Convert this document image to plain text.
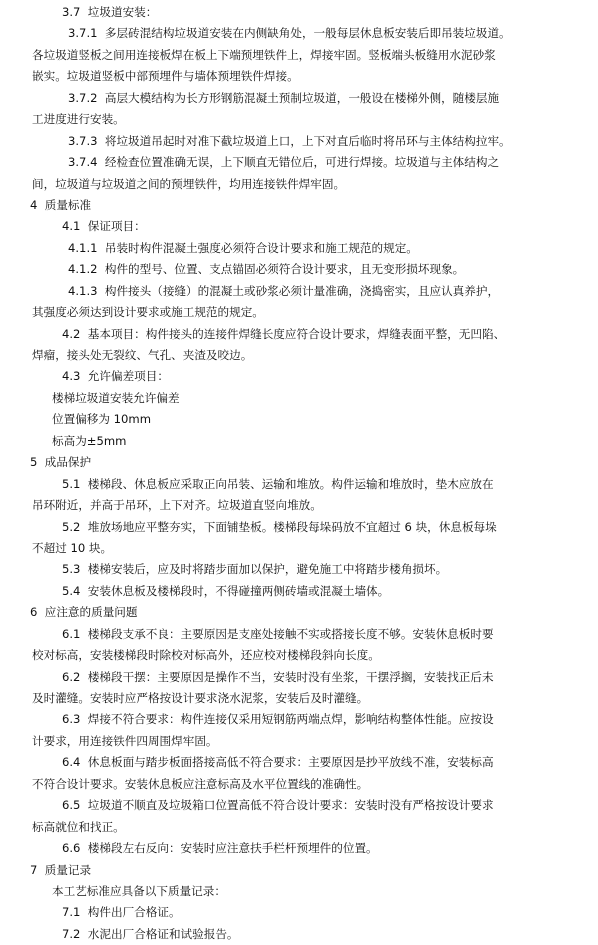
3.7  垃圾道安装：

3.7.1  多层砖混结构垃圾道安装在内侧缺角处，一般每层休息板安装后即吊装垃圾道。

各垃圾道竖板之间用连接板焊在板上下端预埋铁件上，焊接牢固。竖板端头板缝用水泥砂浆

嵌实。垃圾道竖板中部预埋件与墙体预埋铁件焊接。

3.7.2  高层大模结构为长方形钢筋混凝土预制垃圾道，一般设在楼梯外侧，随楼层施

工进度进行安装。

3.7.3  将垃圾道吊起时对准下截垃圾道上口，上下对直后临时将吊环与主体结构拉牢。

3.7.4  经检查位置准确无误，上下顺直无错位后，可进行焊接。垃圾道与主体结构之

间，垃圾道与垃圾道之间的预埋铁件，均用连接铁件焊牢固。

4  质量标准

4.1  保证项目：

4.1.1  吊装时构件混凝土强度必须符合设计要求和施工规范的规定。

4.1.2  构件的型号、位置、支点锚固必须符合设计要求，且无变形损坏现象。

4.1.3  构件接头（接缝）的混凝土或砂浆必须计量准确，浇捣密实，且应认真养护，

其强度必须达到设计要求或施工规范的规定。

4.2  基本项目：构件接头的连接件焊缝长度应符合设计要求，焊缝表面平整，无凹陷、

焊瘤，接头处无裂纹、气孔、夹渣及咬边。

4.3  允许偏差项目：

楼梯垃圾道安装允许偏差

位置偏移为 10mm

标高为±5mm

5  成品保护

5.1  楼梯段、休息板应采取正向吊装、运输和堆放。构件运输和堆放时，垫木应放在

吊环附近，并高于吊环，上下对齐。垃圾道直竖向堆放。

5.2  堆放场地应平整夯实，下面铺垫板。楼梯段每垛码放不宜超过 6 块，休息板每垛

不超过 10 块。

5.3  楼梯安装后，应及时将踏步面加以保护，避免施工中将踏步楼角损坏。

5.4  安装休息板及楼梯段时，不得碰撞两侧砖墙或混凝土墙体。

6  应注意的质量问题

6.1  楼梯段支承不良：主要原因是支座处接触不实或搭接长度不够。安装休息板时要

校对标高，安装楼梯段时除校对标高外，还应校对楼梯段斜向长度。

6.2  楼梯段干摆：主要原因是操作不当，安装时没有坐浆，干摆浮搁，安装找正后未

及时灌缝。安装时应严格按设计要求浇水泥浆，安装后及时灌缝。

6.3  焊接不符合要求：构件连接仅采用短钢筋两端点焊，影响结构整体性能。应按设

计要求，用连接铁件四周围焊牢固。

6.4  休息板面与踏步板面搭接高低不符合要求：主要原因是抄平放线不准，安装标高

不符合设计要求。安装休息板应注意标高及水平位置线的准确性。

6.5  垃圾道不顺直及垃圾箱口位置高低不符合设计要求：安装时没有严格按设计要求

标高就位和找正。

6.6  楼梯段左右反向：安装时应注意扶手栏杆预埋件的位置。

7  质量记录

本工艺标准应具备以下质量记录：

7.1  构件出厂合格证。

7.2  水泥出厂合格证和试验报告。
